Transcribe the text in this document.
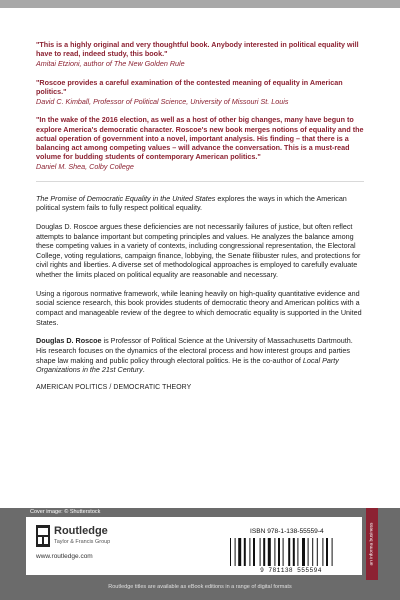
"This is a highly original and very thoughtful book. Anybody interested in political equality will have to read, indeed study, this book."
Amitai Etzioni, author of The New Golden Rule
"Roscoe provides a careful examination of the contested meaning of equality in American politics."
David C. Kimball, Professor of Political Science, University of Missouri St. Louis
"In the wake of the 2016 election, as well as a host of other big changes, many have begun to explore America's democratic character. Roscoe's new book merges notions of equality and the actual operation of government into a novel, important analysis. His finding – that there is a balancing act among competing values – will advance the conversation. This is a must-read volume for budding students of contemporary American politics."
Daniel M. Shea, Colby College

The Promise of Democratic Equality in the United States explores the ways in which the American political system fails to fully respect political equality.

Douglas D. Roscoe argues these deficiencies are not necessarily failures of justice, but often reflect attempts to balance important but competing principles and values. He analyzes the balance among these competing values in a variety of contexts, including congressional representation, the Electoral College, voting regulations, campaign finance, lobbying, the Senate filibuster rules, and protections for civil rights and liberties. A diverse set of methodological approaches is employed to carefully evaluate whether the limits placed on political equality are reasonable and necessary.

Using a rigorous normative framework, while leaning heavily on high-quality quantitative evidence and social science research, this book provides students of democratic theory and American politics with a compact and manageable review of the degree to which democratic equality is supported in the United States.

Douglas D. Roscoe is Professor of Political Science at the University of Massachusetts Dartmouth. His research focuses on the dynamics of the electoral process and how interest groups and parties shape law making and public policy through electoral politics. He is the co-author of Local Party Organizations in the 21st Century.

AMERICAN POLITICS / DEMOCRATIC THEORY
Cover image: © Shutterstock
Routledge
Taylor & Francis Group
www.routledge.com
ISBN 978-1-138-55559-4
9 781138 555594
an informa business
Routledge titles are available as eBook editions in a range of digital formats
